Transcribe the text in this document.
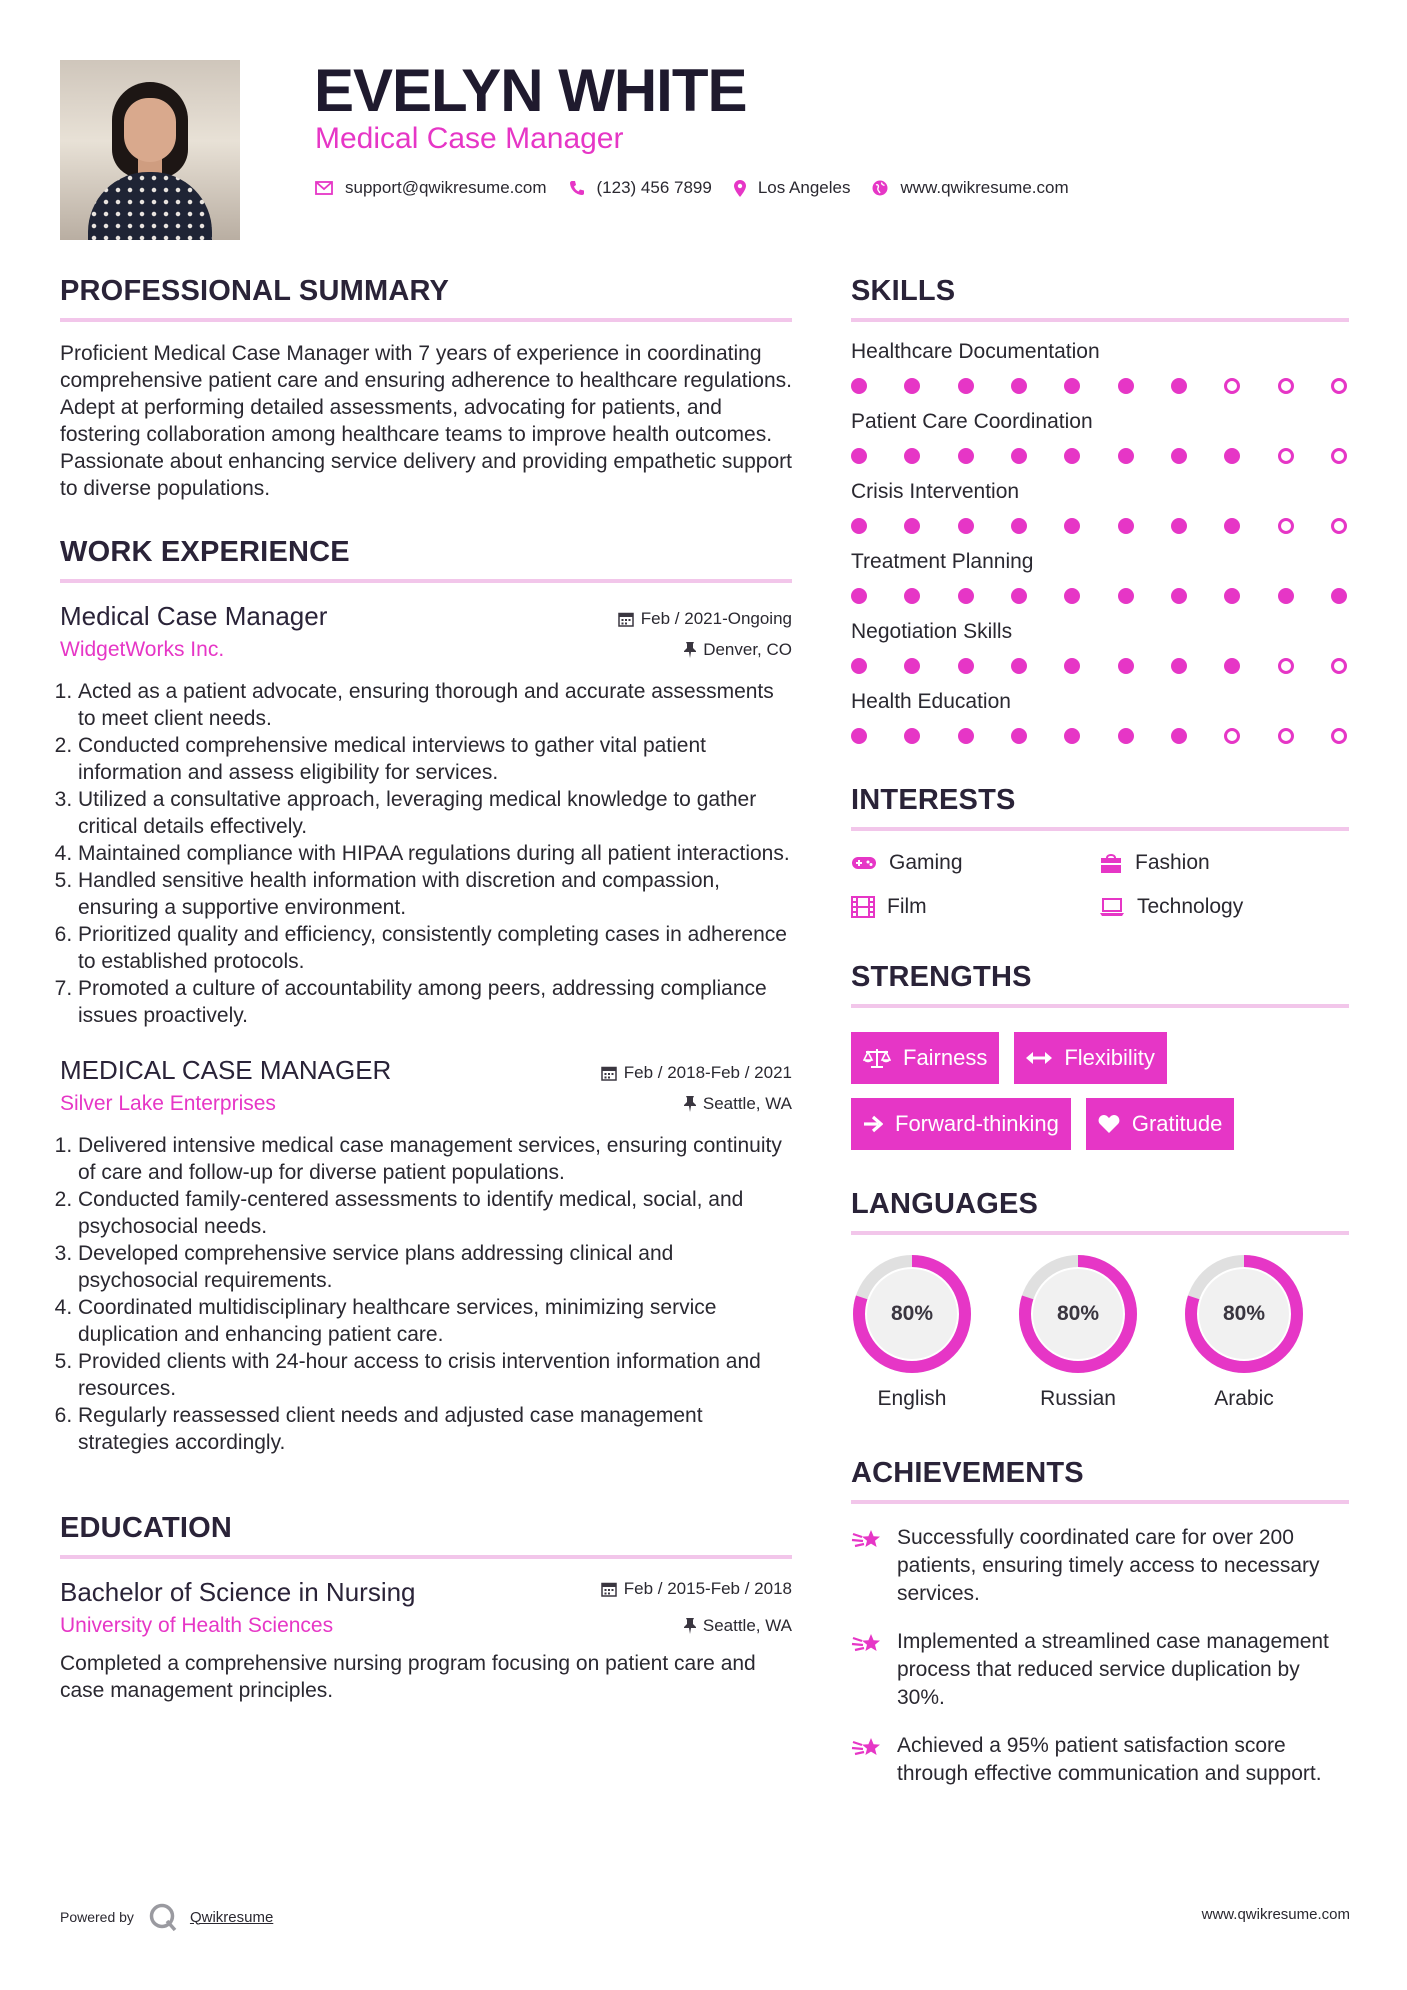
EVELYN WHITE
Medical Case Manager
support@qwikresume.com	(123) 456 7899	Los Angeles	www.qwikresume.com
PROFESSIONAL SUMMARY

Proficient Medical Case Manager with 7 years of experience in coordinating comprehensive patient care and ensuring adherence to healthcare regulations. Adept at performing detailed assessments, advocating for patients, and fostering collaboration among healthcare teams to improve health outcomes. Passionate about enhancing service delivery and providing empathetic support to diverse populations.

WORK EXPERIENCE
Medical Case Manager	Feb / 2021-Ongoing
WidgetWorks Inc.	Denver, CO
1. Acted as a patient advocate, ensuring thorough and accurate assessments to meet client needs.
2. Conducted comprehensive medical interviews to gather vital patient information and assess eligibility for services.
3. Utilized a consultative approach, leveraging medical knowledge to gather critical details effectively.
4. Maintained compliance with HIPAA regulations during all patient interactions.
5. Handled sensitive health information with discretion and compassion, ensuring a supportive environment.
6. Prioritized quality and efficiency, consistently completing cases in adherence to established protocols.
7. Promoted a culture of accountability among peers, addressing compliance issues proactively.
MEDICAL CASE MANAGER	Feb / 2018-Feb / 2021
Silver Lake Enterprises	Seattle, WA
1. Delivered intensive medical case management services, ensuring continuity of care and follow-up for diverse patient populations.
2. Conducted family-centered assessments to identify medical, social, and psychosocial needs.
3. Developed comprehensive service plans addressing clinical and psychosocial requirements.
4. Coordinated multidisciplinary healthcare services, minimizing service duplication and enhancing patient care.
5. Provided clients with 24-hour access to crisis intervention information and resources.
6. Regularly reassessed client needs and adjusted case management strategies accordingly.
EDUCATION
Bachelor of Science in Nursing	Feb / 2015-Feb / 2018
University of Health Sciences	Seattle, WA

Completed a comprehensive nursing program focusing on patient care and case management principles.

SKILLS
Healthcare Documentation
Patient Care Coordination
Crisis Intervention
Treatment Planning
Negotiation Skills
Health Education
INTERESTS
Gaming	Fashion
Film	Technology
STRENGTHS
Fairness	Flexibility
Forward-thinking	Gratitude
LANGUAGES
80%
English
80%
Russian
80%
Arabic
ACHIEVEMENTS
Successfully coordinated care for over 200 patients, ensuring timely access to necessary services.
Implemented a streamlined case management process that reduced service duplication by 30%.
Achieved a 95% patient satisfaction score through effective communication and support.
Powered by	Qwikresume	www.qwikresume.com
